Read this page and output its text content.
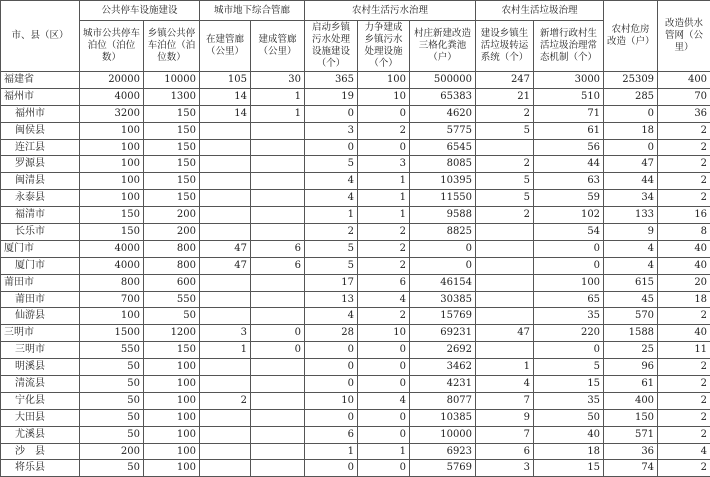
市、县（区）	公共停车设施建设		城市地下综合管廊		农村生活污水治理			农村生活垃圾治理		农村危房改造（户）	改造供水管网（公里）
	城市公共停车泊位（泊位数）	乡镇公共停车泊位（泊位数）	在建管廊（公里）	建成管廊（公里）	启动乡镇污水处理设施建设（个）	力争建成乡镇污水处理设施（个）	村庄新建改造三格化粪池（户）	建设乡镇生活垃圾转运系统（个）	新增行政村生活垃圾治理常态机制（个）		
福建省	20000	10000	105	30	365	100	500000	247	3000	25309	400
福州市	4000	1300	14	1	19	10	65383	21	510	285	70
福州市	3200	150	14	1	0	0	4620	2	71	0	36
闽侯县	100	150			3	2	5775	5	61	18	2
连江县	100	150			0	0	6545		56	0	2
罗源县	100	150			5	3	8085	2	44	47	2
闽清县	100	150			4	1	10395	5	63	44	2
永泰县	100	150			4	1	11550	5	59	34	2
福清市	150	200			1	1	9588	2	102	133	16
长乐市	150	200			2	2	8825		54	9	8
厦门市	4000	800	47	6	5	2	0		0	4	40
厦门市	4000	800	47	6	5	2	0		0	4	40
莆田市	800	600			17	6	46154		100	615	20
莆田市	700	550			13	4	30385		65	45	18
仙游县	100	50			4	2	15769		35	570	2
三明市	1500	1200	3	0	28	10	69231	47	220	1588	40
三明市	550	150	1	0	0	0	2692		0	25	11
明溪县	50	100			0	0	3462	1	5	96	2
清流县	50	100			0	0	4231	4	15	61	2
宁化县	50	100	2		10	4	8077	7	35	400	2
大田县	50	100			0	0	10385	9	50	150	2
尤溪县	50	100			6	0	10000	7	40	571	2
沙　县	200	100			1	1	6923	6	18	36	4
将乐县	50	100			0	0	5769	3	15	74	2
